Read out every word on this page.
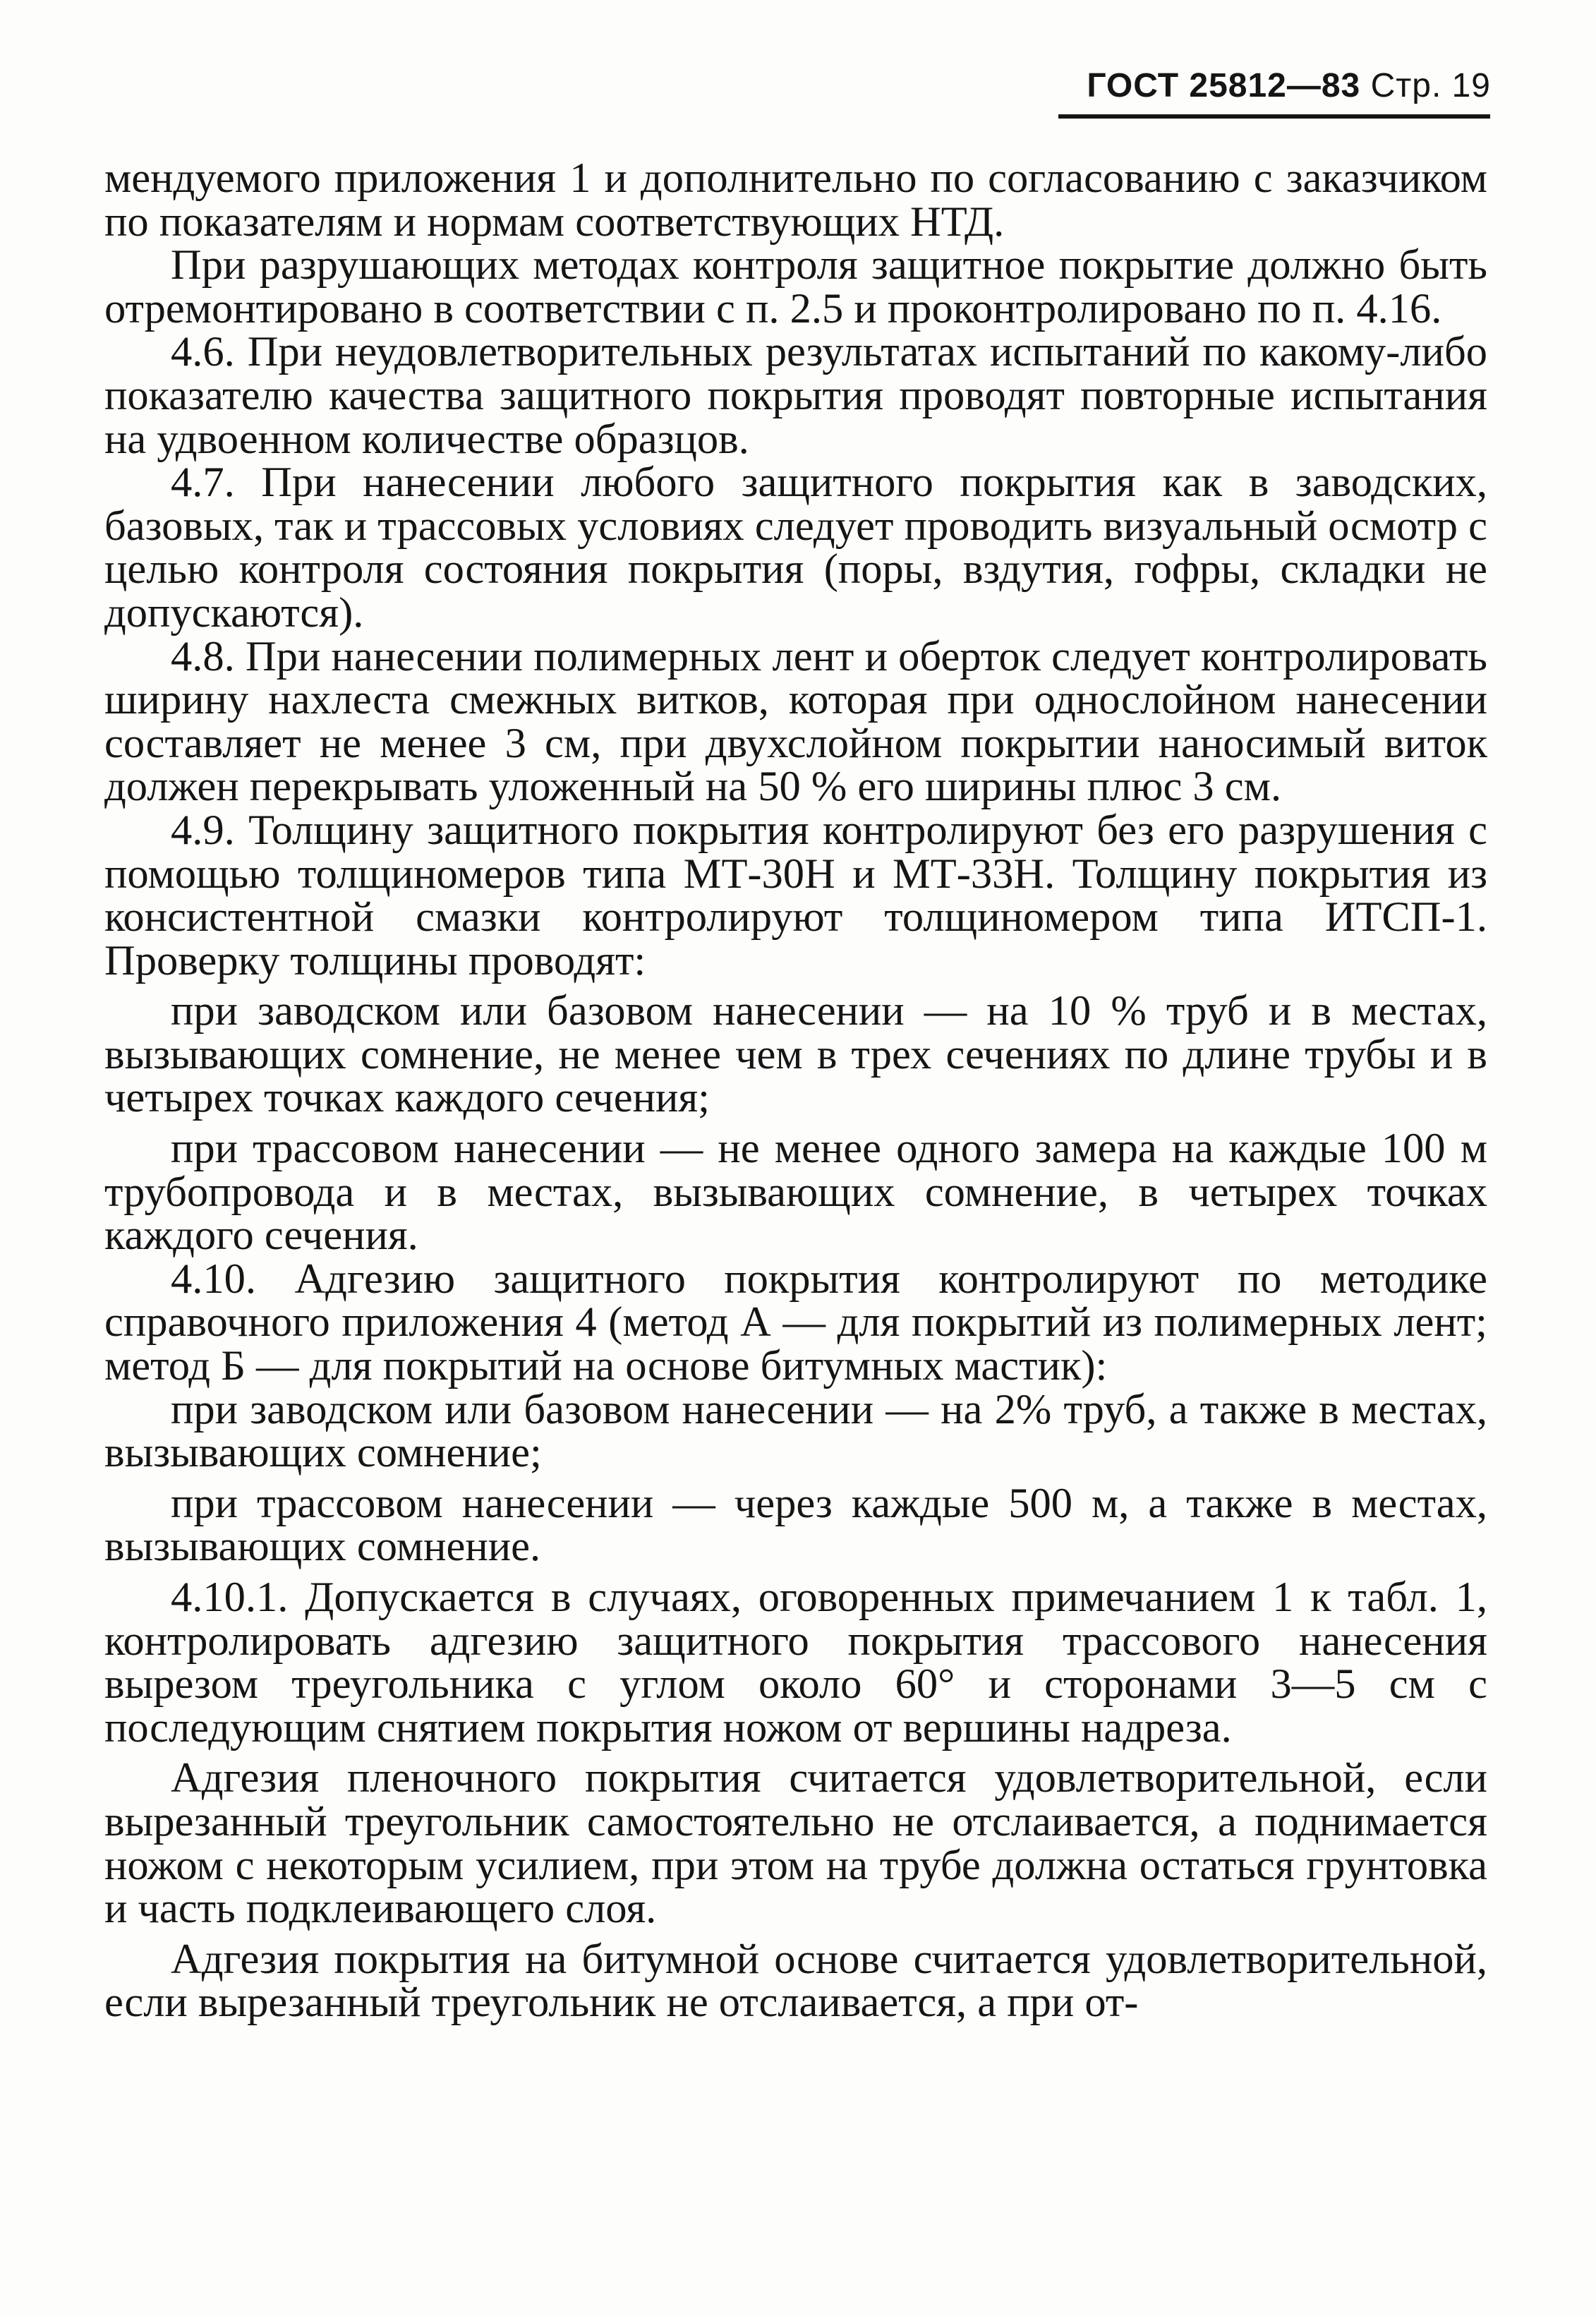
ГОСТ 25812—83 Стр. 19

мендуемого приложения 1 и дополнительно по согласованию с заказчиком по показателям и нормам соответствующих НТД.

При разрушающих методах контроля защитное покрытие должно быть отремонтировано в соответствии с п. 2.5 и проконтролировано по п. 4.16.

4.6. При неудовлетворительных результатах испытаний по какому-либо показателю качества защитного покрытия проводят повторные испытания на удвоенном количестве образцов.

4.7. При нанесении любого защитного покрытия как в заводских, базовых, так и трассовых условиях следует проводить визуальный осмотр с целью контроля состояния покрытия (поры, вздутия, гофры, складки не допускаются).

4.8. При нанесении полимерных лент и оберток следует контролировать ширину нахлеста смежных витков, которая при однослойном нанесении составляет не менее 3 см, при двухслойном покрытии наносимый виток должен перекрывать уложенный на 50 % его ширины плюс 3 см.

4.9. Толщину защитного покрытия контролируют без его разрушения с помощью толщиномеров типа МТ-30Н и МТ-33Н. Толщину покрытия из консистентной смазки контролируют толщиномером типа ИТСП-1. Проверку толщины проводят:

при заводском или базовом нанесении — на 10 % труб и в местах, вызывающих сомнение, не менее чем в трех сечениях по длине трубы и в четырех точках каждого сечения;

при трассовом нанесении — не менее одного замера на каждые 100 м трубопровода и в местах, вызывающих сомнение, в четырех точках каждого сечения.

4.10. Адгезию защитного покрытия контролируют по методике справочного приложения 4 (метод А — для покрытий из полимерных лент; метод Б — для покрытий на основе битумных мастик):

при заводском или базовом нанесении — на 2% труб, а также в местах, вызывающих сомнение;

при трассовом нанесении — через каждые 500 м, а также в местах, вызывающих сомнение.

4.10.1. Допускается в случаях, оговоренных примечанием 1 к табл. 1, контролировать адгезию защитного покрытия трассового нанесения вырезом треугольника с углом около 60° и сторонами 3—5 см с последующим снятием покрытия ножом от вершины надреза.

Адгезия пленочного покрытия считается удовлетворительной, если вырезанный треугольник самостоятельно не отслаивается, а поднимается ножом с некоторым усилием, при этом на трубе должна остаться грунтовка и часть подклеивающего слоя.

Адгезия покрытия на битумной основе считается удовлетворительной, если вырезанный треугольник не отслаивается, а при от-
